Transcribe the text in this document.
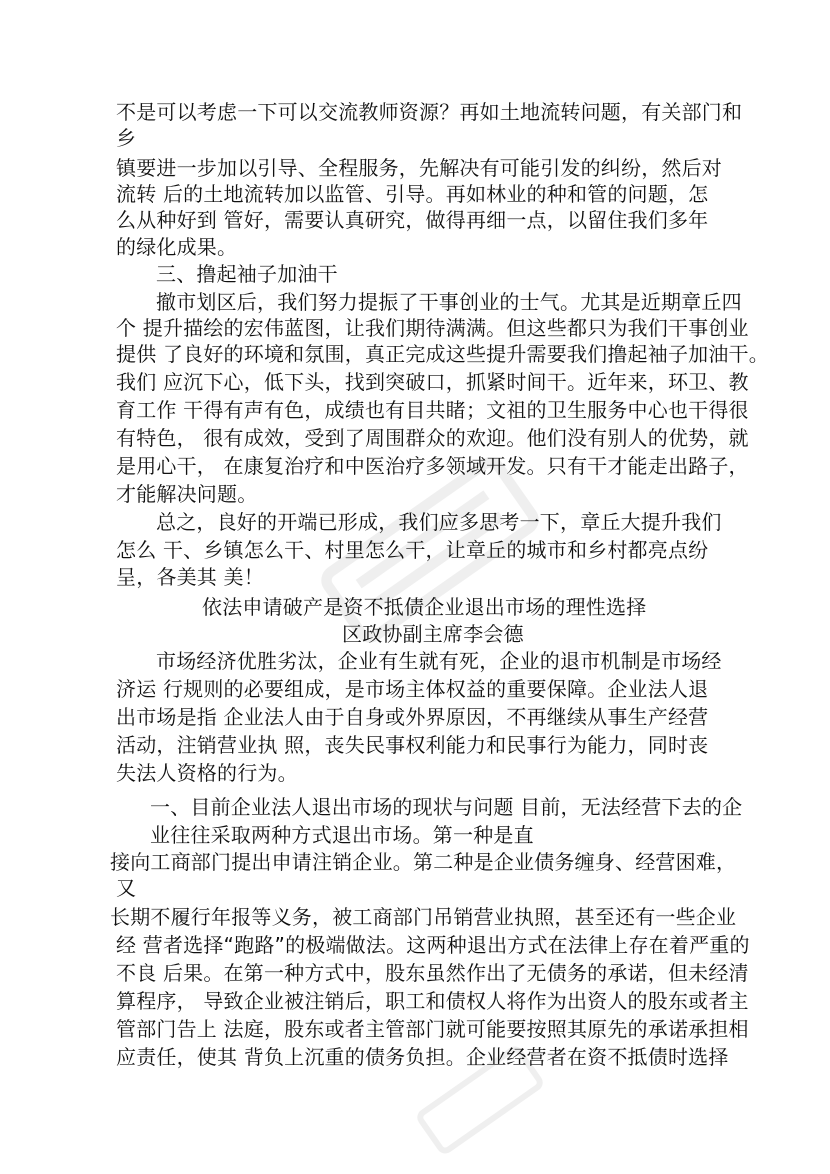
不是可以考虑一下可以交流教师资源？再如土地流转问题，有关部门和
乡
镇要进一步加以引导、全程服务，先解决有可能引发的纠纷，然后对
流转 后的土地流转加以监管、引导。再如林业的种和管的问题，怎
么从种好到 管好，需要认真研究，做得再细一点，以留住我们多年
的绿化成果。
三、撸起袖子加油干
撤市划区后，我们努力提振了干事创业的士气。尤其是近期章丘四
个 提升描绘的宏伟蓝图，让我们期待满满。但这些都只为我们干事创业
提供 了良好的环境和氛围，真正完成这些提升需要我们撸起袖子加油干。
我们 应沉下心，低下头，找到突破口，抓紧时间干。近年来，环卫、教
育工作 干得有声有色，成绩也有目共睹；文祖的卫生服务中心也干得很
有特色， 很有成效，受到了周围群众的欢迎。他们没有别人的优势，就
是用心干， 在康复治疗和中医治疗多领域开发。只有干才能走出路子，
才能解决问题。
总之，良好的开端已形成，我们应多思考一下，章丘大提升我们
怎么 干、乡镇怎么干、村里怎么干，让章丘的城市和乡村都亮点纷
呈，各美其 美！
依法申请破产是资不抵债企业退出市场的理性选择
区政协副主席李会德
市场经济优胜劣汰，企业有生就有死，企业的退市机制是市场经
济运 行规则的必要组成，是市场主体权益的重要保障。企业法人退
出市场是指 企业法人由于自身或外界原因，不再继续从事生产经营
活动，注销营业执 照，丧失民事权利能力和民事行为能力，同时丧
失法人资格的行为。
一、目前企业法人退出市场的现状与问题 目前，无法经营下去的企
业往往采取两种方式退出市场。第一种是直
接向工商部门提出申请注销企业。第二种是企业债务缠身、经营困难，
又
长期不履行年报等义务，被工商部门吊销营业执照，甚至还有一些企业
经 营者选择“跑路”的极端做法。这两种退出方式在法律上存在着严重的
不良 后果。在第一种方式中，股东虽然作出了无债务的承诺，但未经清
算程序， 导致企业被注销后，职工和债权人将作为出资人的股东或者主
管部门告上 法庭，股东或者主管部门就可能要按照其原先的承诺承担相
应责任，使其 背负上沉重的债务负担。企业经营者在资不抵债时选择
